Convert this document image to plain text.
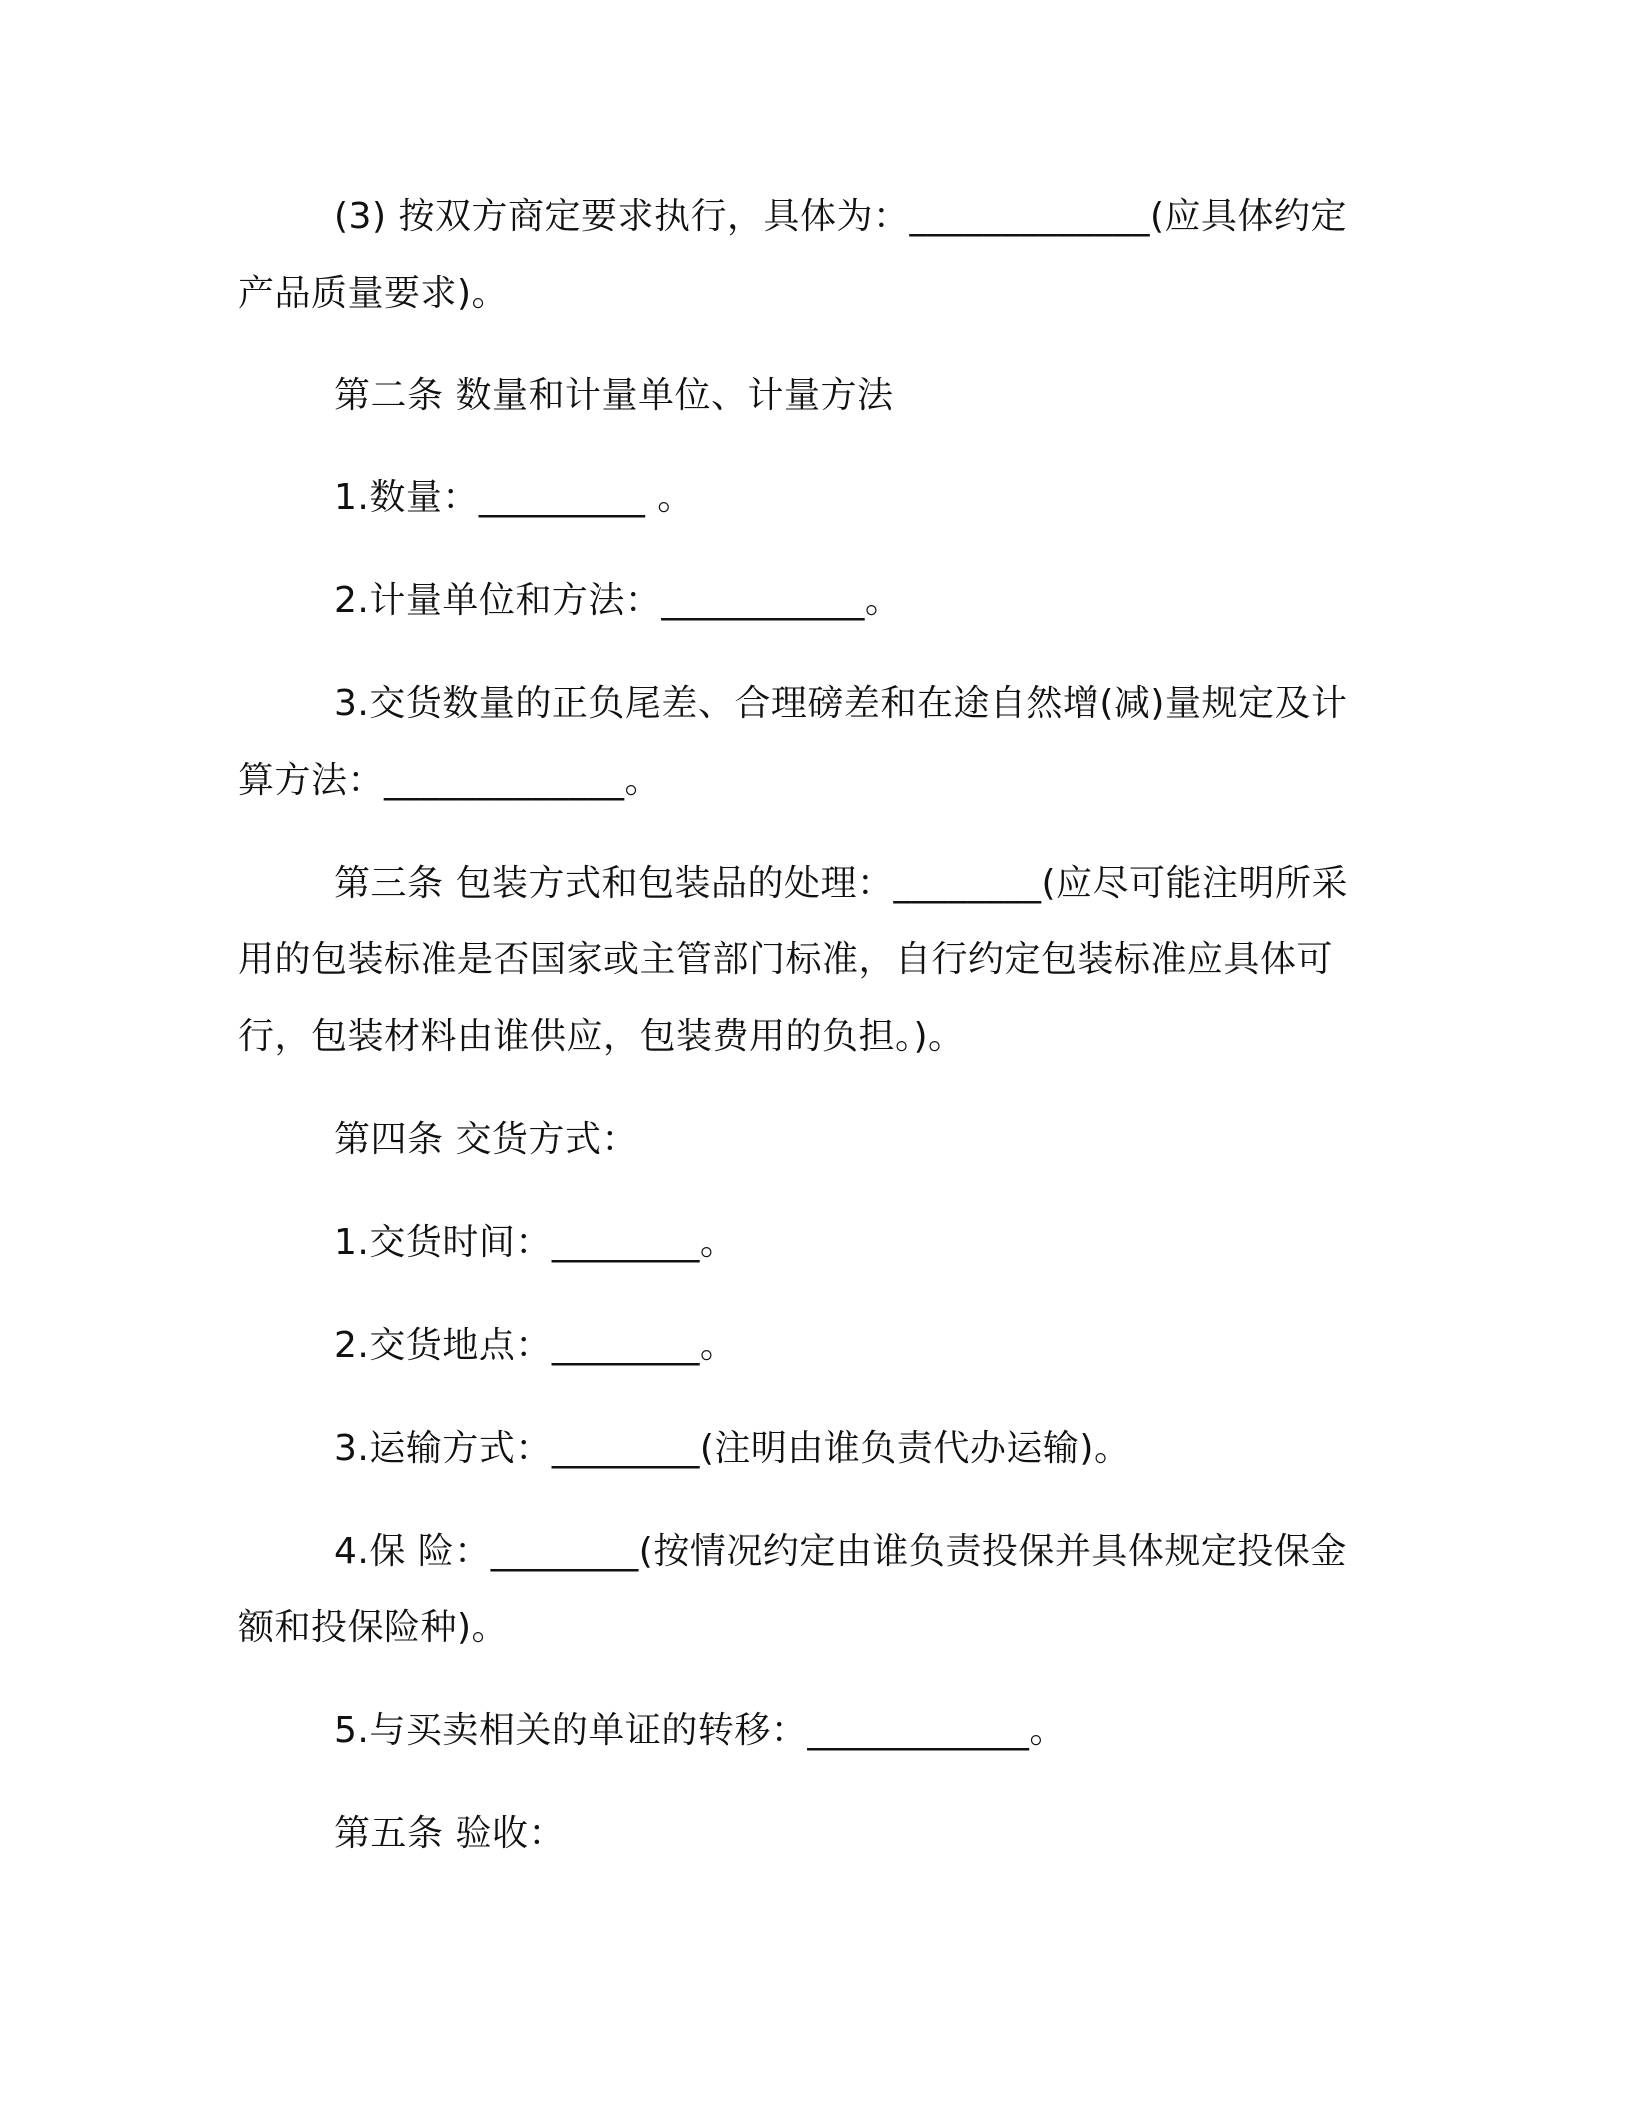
(3) 按双方商定要求执行，具体为：_____________(应具体约定
产品质量要求)。
第二条 数量和计量单位、计量方法
1.数量：_________ 。
2.计量单位和方法：___________。
3.交货数量的正负尾差、合理磅差和在途自然增(减)量规定及计
算方法：_____________。
第三条 包装方式和包装品的处理：________(应尽可能注明所采
用的包装标准是否国家或主管部门标准，自行约定包装标准应具体可
行，包装材料由谁供应，包装费用的负担。)。
第四条 交货方式：
1.交货时间：________。
2.交货地点：________。
3.运输方式：________(注明由谁负责代办运输)。
4.保 险：________(按情况约定由谁负责投保并具体规定投保金
额和投保险种)。
5.与买卖相关的单证的转移：____________。
第五条 验收：
